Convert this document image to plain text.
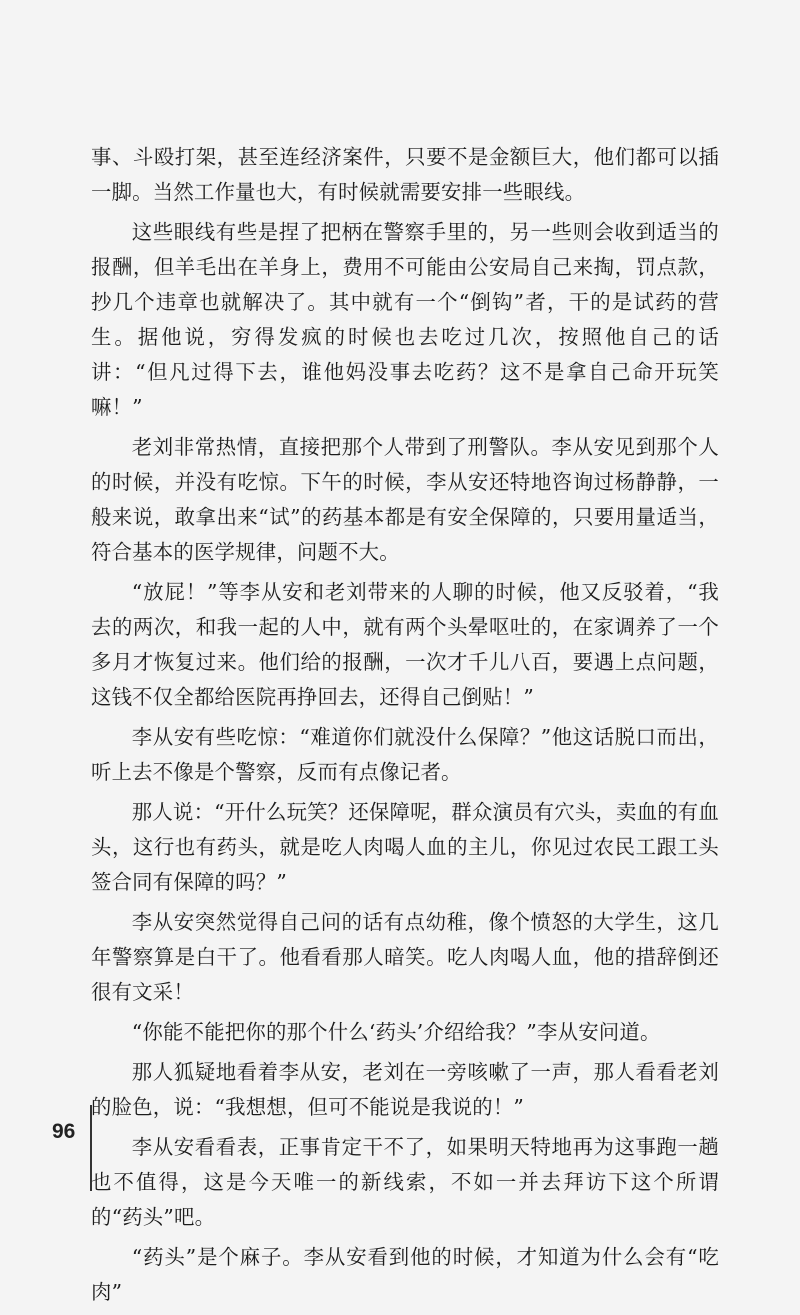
事、斗殴打架，甚至连经济案件，只要不是金额巨大，他们都可以插一脚。当然工作量也大，有时候就需要安排一些眼线。

这些眼线有些是捏了把柄在警察手里的，另一些则会收到适当的报酬，但羊毛出在羊身上，费用不可能由公安局自己来掏，罚点款，抄几个违章也就解决了。其中就有一个“倒钩”者，干的是试药的营生。据他说，穷得发疯的时候也去吃过几次，按照他自己的话讲：“但凡过得下去，谁他妈没事去吃药？这不是拿自己命开玩笑嘛！”

老刘非常热情，直接把那个人带到了刑警队。李从安见到那个人的时候，并没有吃惊。下午的时候，李从安还特地咨询过杨静静，一般来说，敢拿出来“试”的药基本都是有安全保障的，只要用量适当，符合基本的医学规律，问题不大。

“放屁！”等李从安和老刘带来的人聊的时候，他又反驳着，“我去的两次，和我一起的人中，就有两个头晕呕吐的，在家调养了一个多月才恢复过来。他们给的报酬，一次才千儿八百，要遇上点问题，这钱不仅全都给医院再挣回去，还得自己倒贴！”

李从安有些吃惊：“难道你们就没什么保障？”他这话脱口而出，听上去不像是个警察，反而有点像记者。

那人说：“开什么玩笑？还保障呢，群众演员有穴头，卖血的有血头，这行也有药头，就是吃人肉喝人血的主儿，你见过农民工跟工头签合同有保障的吗？”

李从安突然觉得自己问的话有点幼稚，像个愤怒的大学生，这几年警察算是白干了。他看看那人暗笑。吃人肉喝人血，他的措辞倒还很有文采！

“你能不能把你的那个什么‘药头’介绍给我？”李从安问道。

那人狐疑地看着李从安，老刘在一旁咳嗽了一声，那人看看老刘的脸色，说：“我想想，但可不能说是我说的！”

李从安看看表，正事肯定干不了，如果明天特地再为这事跑一趟也不值得，这是今天唯一的新线索，不如一并去拜访下这个所谓的“药头”吧。

“药头”是个麻子。李从安看到他的时候，才知道为什么会有“吃肉”

96
